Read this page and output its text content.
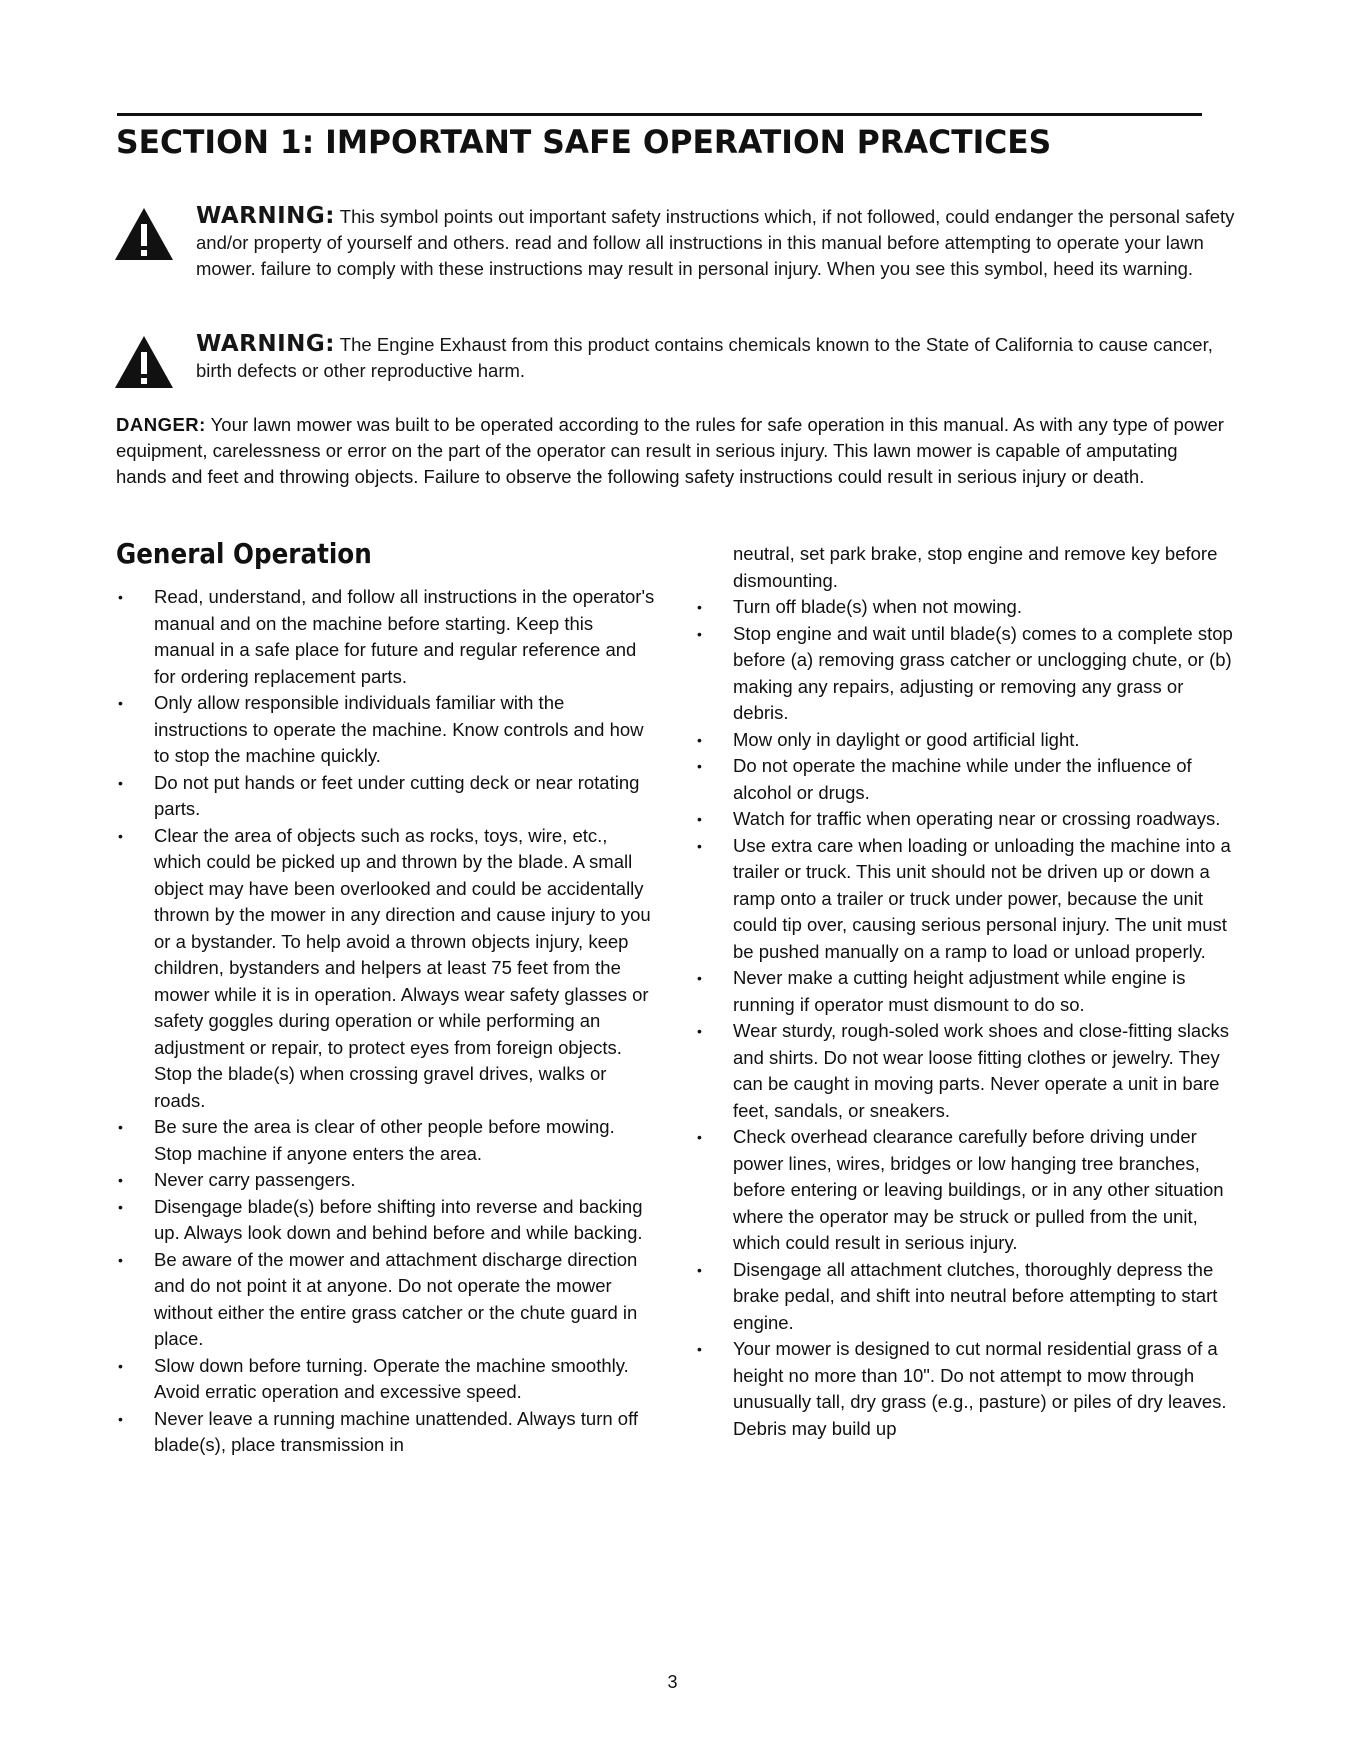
SECTION 1: IMPORTANT SAFE OPERATION PRACTICES
WARNING: This symbol points out important safety instructions which, if not followed, could endanger the personal safety and/or property of yourself and others. read and follow all instructions in this manual before attempting to operate your lawn mower. failure to comply with these instructions may result in personal injury. When you see this symbol, heed its warning.
WARNING: The Engine Exhaust from this product contains chemicals known to the State of California to cause cancer, birth defects or other reproductive harm.

DANGER: Your lawn mower was built to be operated according to the rules for safe operation in this manual. As with any type of power equipment, carelessness or error on the part of the operator can result in serious injury. This lawn mower is capable of amputating hands and feet and throwing objects. Failure to observe the following safety instructions could result in serious injury or death.

General Operation
• Read, understand, and follow all instructions in the operator's manual and on the machine before starting. Keep this manual in a safe place for future and regular reference and for ordering replacement parts.
• Only allow responsible individuals familiar with the instructions to operate the machine. Know controls and how to stop the machine quickly.
• Do not put hands or feet under cutting deck or near rotating parts.
• Clear the area of objects such as rocks, toys, wire, etc., which could be picked up and thrown by the blade. A small object may have been overlooked and could be accidentally thrown by the mower in any direction and cause injury to you or a bystander. To help avoid a thrown objects injury, keep children, bystanders and helpers at least 75 feet from the mower while it is in operation. Always wear safety glasses or safety goggles during operation or while performing an adjustment or repair, to protect eyes from foreign objects. Stop the blade(s) when crossing gravel drives, walks or roads.
• Be sure the area is clear of other people before mowing. Stop machine if anyone enters the area.
• Never carry passengers.
• Disengage blade(s) before shifting into reverse and backing up. Always look down and behind before and while backing.
• Be aware of the mower and attachment discharge direction and do not point it at anyone. Do not operate the mower without either the entire grass catcher or the chute guard in place.
• Slow down before turning. Operate the machine smoothly. Avoid erratic operation and excessive speed.
• Never leave a running machine unattended. Always turn off blade(s), place transmission in

neutral, set park brake, stop engine and remove key before dismounting.

• Turn off blade(s) when not mowing.
• Stop engine and wait until blade(s) comes to a complete stop before (a) removing grass catcher or unclogging chute, or (b) making any repairs, adjusting or removing any grass or debris.
• Mow only in daylight or good artificial light.
• Do not operate the machine while under the influence of alcohol or drugs.
• Watch for traffic when operating near or crossing roadways.
• Use extra care when loading or unloading the machine into a trailer or truck. This unit should not be driven up or down a ramp onto a trailer or truck under power, because the unit could tip over, causing serious personal injury. The unit must be pushed manually on a ramp to load or unload properly.
• Never make a cutting height adjustment while engine is running if operator must dismount to do so.
• Wear sturdy, rough-soled work shoes and close-fitting slacks and shirts. Do not wear loose fitting clothes or jewelry. They can be caught in moving parts. Never operate a unit in bare feet, sandals, or sneakers.
• Check overhead clearance carefully before driving under power lines, wires, bridges or low hanging tree branches, before entering or leaving buildings, or in any other situation where the operator may be struck or pulled from the unit, which could result in serious injury.
• Disengage all attachment clutches, thoroughly depress the brake pedal, and shift into neutral before attempting to start engine.
• Your mower is designed to cut normal residential grass of a height no more than 10". Do not attempt to mow through unusually tall, dry grass (e.g., pasture) or piles of dry leaves. Debris may build up
3
